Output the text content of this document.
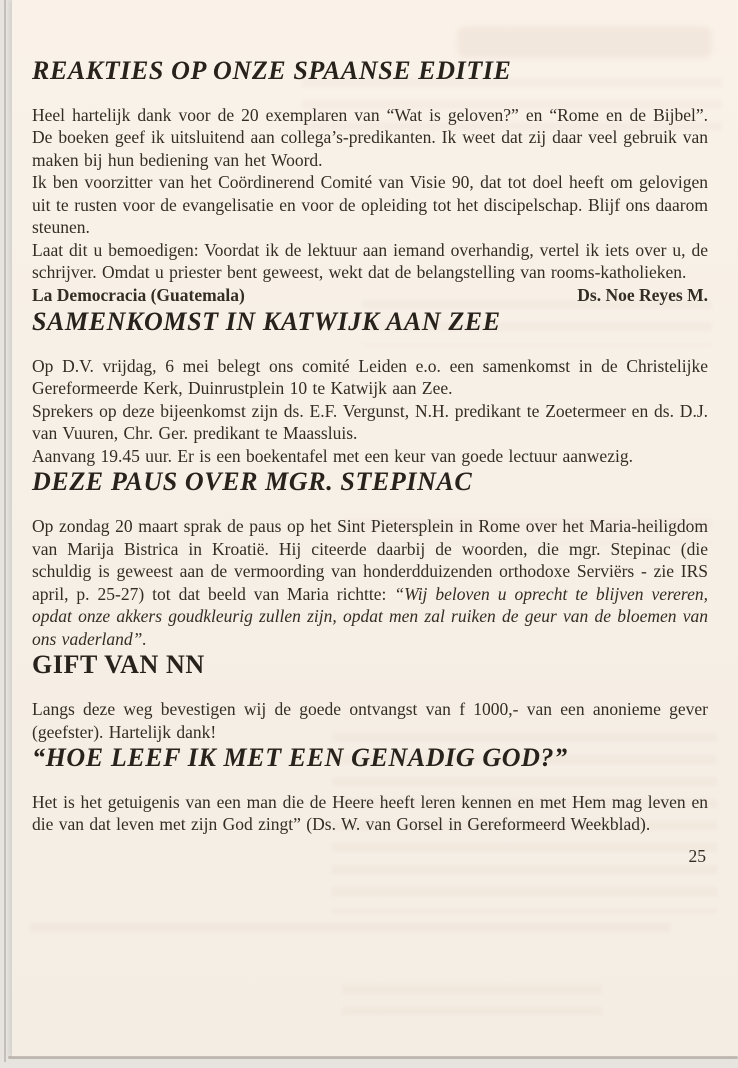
REAKTIES OP ONZE SPAANSE EDITIE

Heel hartelijk dank voor de 20 exemplaren van “Wat is geloven?” en “Rome en de Bijbel”. De boeken geef ik uitsluitend aan collega’s-predikanten. Ik weet dat zij daar veel gebruik van maken bij hun bediening van het Woord.

Ik ben voorzitter van het Coördinerend Comité van Visie 90, dat tot doel heeft om gelovigen uit te rusten voor de evangelisatie en voor de opleiding tot het discipelschap. Blijf ons daarom steunen.

Laat dit u bemoedigen: Voordat ik de lektuur aan iemand overhandig, vertel ik iets over u, de schrijver. Omdat u priester bent geweest, wekt dat de belangstelling van rooms-katholieken.

La Democracia (Guatemala)	Ds. Noe Reyes M.
SAMENKOMST IN KATWIJK AAN ZEE

Op D.V. vrijdag, 6 mei belegt ons comité Leiden e.o. een samenkomst in de Christelijke Gereformeerde Kerk, Duinrustplein 10 te Katwijk aan Zee.

Sprekers op deze bijeenkomst zijn ds. E.F. Vergunst, N.H. predikant te Zoetermeer en ds. D.J. van Vuuren, Chr. Ger. predikant te Maassluis.

Aanvang 19.45 uur. Er is een boekentafel met een keur van goede lectuur aanwezig.

DEZE PAUS OVER MGR. STEPINAC

Op zondag 20 maart sprak de paus op het Sint Pietersplein in Rome over het Maria-heiligdom van Marija Bistrica in Kroatië. Hij citeerde daarbij de woorden, die mgr. Stepinac (die schuldig is geweest aan de vermoording van honderdduizenden orthodoxe Serviërs - zie IRS april, p. 25-27) tot dat beeld van Maria richtte: “Wij beloven u oprecht te blijven vereren, opdat onze akkers goudkleurig zullen zijn, opdat men zal ruiken de geur van de bloemen van ons vaderland”.

GIFT VAN NN

Langs deze weg bevestigen wij de goede ontvangst van f 1000,- van een anonieme gever (geefster). Hartelijk dank!

“HOE LEEF IK MET EEN GENADIG GOD?”

Het is het getuigenis van een man die de Heere heeft leren kennen en met Hem mag leven en die van dat leven met zijn God zingt” (Ds. W. van Gorsel in Gereformeerd Weekblad).

25
